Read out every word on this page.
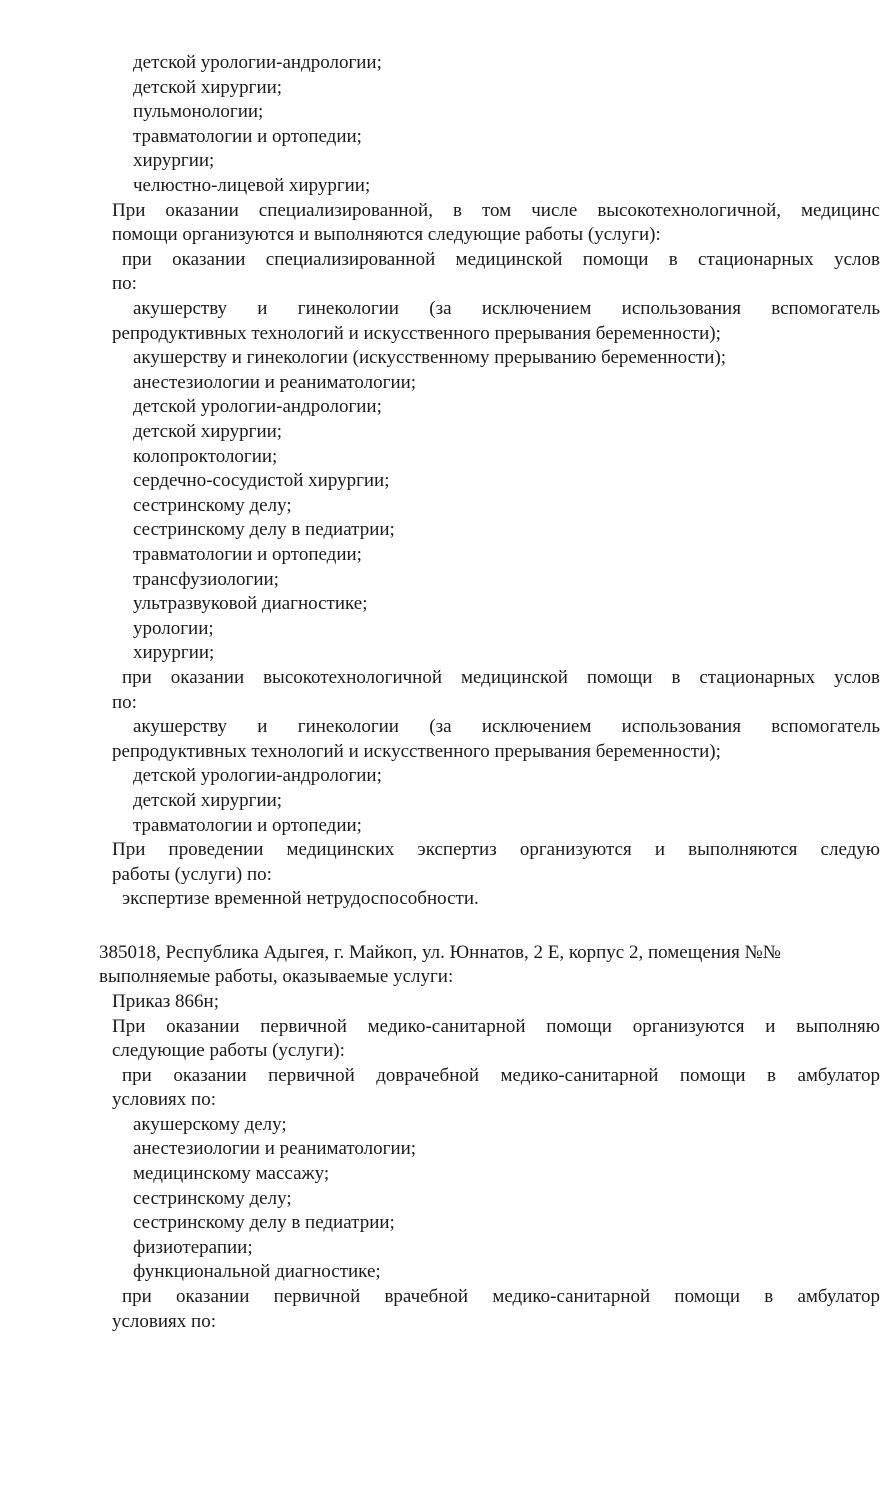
детской урологии-андрологии;
детской хирургии;
пульмонологии;
травматологии и ортопедии;
хирургии;
челюстно-лицевой хирургии;
При оказании специализированной, в том числе высокотехнологичной, медицинс
помощи организуются и выполняются следующие работы (услуги):
при оказании специализированной медицинской помощи в стационарных услов
по:
акушерству и гинекологии (за исключением использования вспомогатель
репродуктивных технологий и искусственного прерывания беременности);
акушерству и гинекологии (искусственному прерыванию беременности);
анестезиологии и реаниматологии;
детской урологии-андрологии;
детской хирургии;
колопроктологии;
сердечно-сосудистой хирургии;
сестринскому делу;
сестринскому делу в педиатрии;
травматологии и ортопедии;
трансфузиологии;
ультразвуковой диагностике;
урологии;
хирургии;
при оказании высокотехнологичной медицинской помощи в стационарных услов
по:
акушерству и гинекологии (за исключением использования вспомогатель
репродуктивных технологий и искусственного прерывания беременности);
детской урологии-андрологии;
детской хирургии;
травматологии и ортопедии;
При проведении медицинских экспертиз организуются и выполняются следую
работы (услуги) по:
экспертизе временной нетрудоспособности.
385018, Республика Адыгея, г. Майкоп, ул. Юннатов, 2 Е, корпус 2, помещения №№
выполняемые работы, оказываемые услуги:
Приказ 866н;
При оказании первичной медико-санитарной помощи организуются и выполняю
следующие работы (услуги):
при оказании первичной доврачебной медико-санитарной помощи в амбулатор
условиях по:
акушерскому делу;
анестезиологии и реаниматологии;
медицинскому массажу;
сестринскому делу;
сестринскому делу в педиатрии;
физиотерапии;
функциональной диагностике;
при оказании первичной врачебной медико-санитарной помощи в амбулатор
условиях по:
